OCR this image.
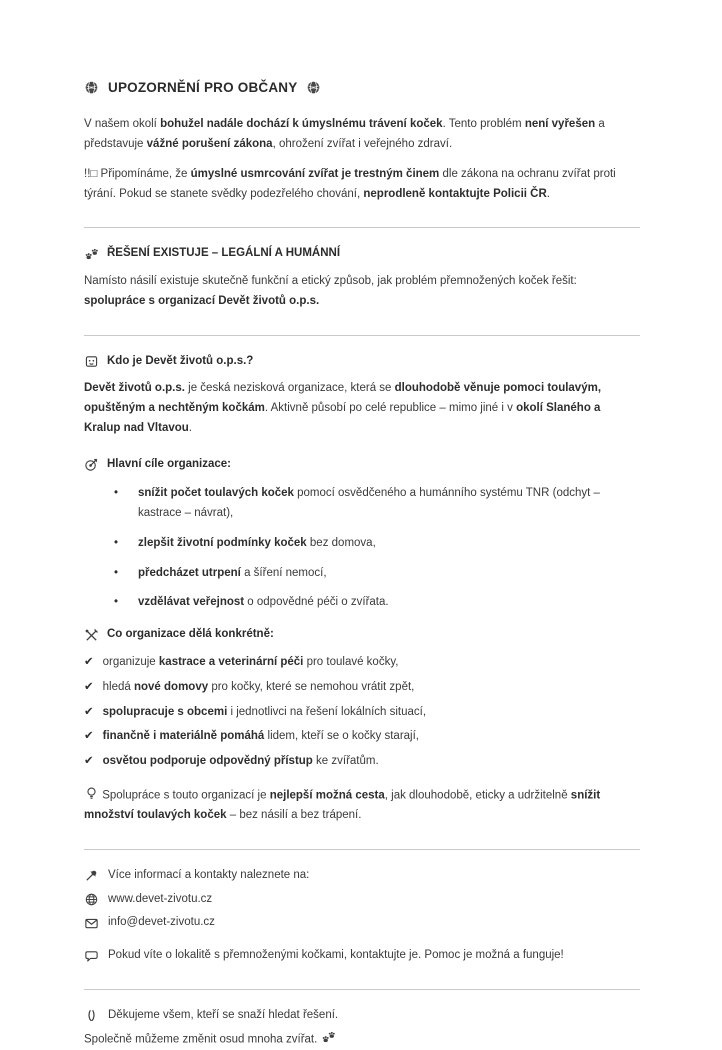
UPOZORNĚNÍ PRO OBČANY

V našem okolí bohužel nadále dochází k úmyslnému trávení koček. Tento problém není vyřešen a představuje vážné porušení zákona, ohrožení zvířat i veřejného zdraví.

!!□ Připomínáme, že úmyslné usmrcování zvířat je trestným činem dle zákona na ochranu zvířat proti týrání. Pokud se stanete svědky podezřelého chování, neprodleně kontaktujte Policii ČR.

ŘEŠENÍ EXISTUJE – LEGÁLNÍ A HUMÁNNÍ

Namísto násilí existuje skutečně funkční a etický způsob, jak problém přemnožených koček řešit: spolupráce s organizací Devět životů o.p.s.

Kdo je Devět životů o.p.s.?

Devět životů o.p.s. je česká nezisková organizace, která se dlouhodobě věnuje pomoci toulavým, opuštěným a nechtěným kočkám. Aktivně působí po celé republice – mimo jiné i v okolí Slaného a Kralup nad Vltavou.

Hlavní cíle organizace:
•	snížit počet toulavých koček pomocí osvědčeného a humánního systému TNR (odchyt – kastrace – návrat),
•	zlepšit životní podmínky koček bez domova,
•	předcházet utrpení a šíření nemocí,
•	vzdělávat veřejnost o odpovědné péči o zvířata.
Co organizace dělá konkrétně:
✔ organizuje kastrace a veterinární péči pro toulavé kočky,
✔ hledá nové domovy pro kočky, které se nemohou vrátit zpět,
✔ spolupracuje s obcemi i jednotlivci na řešení lokálních situací,
✔ finančně i materiálně pomáhá lidem, kteří se o kočky starají,
✔ osvětou podporuje odpovědný přístup ke zvířatům.

Spolupráce s touto organizací je nejlepší možná cesta, jak dlouhodobě, eticky a udržitelně snížit množství toulavých koček – bez násilí a bez trápení.

Více informací a kontakty naleznete na:
www.devet-zivotu.cz
info@devet-zivotu.cz
Pokud víte o lokalitě s přemnoženými kočkami, kontaktujte je. Pomoc je možná a funguje!
Děkujeme všem, kteří se snaží hledat řešení.

Společně můžeme změnit osud mnoha zvířat.
